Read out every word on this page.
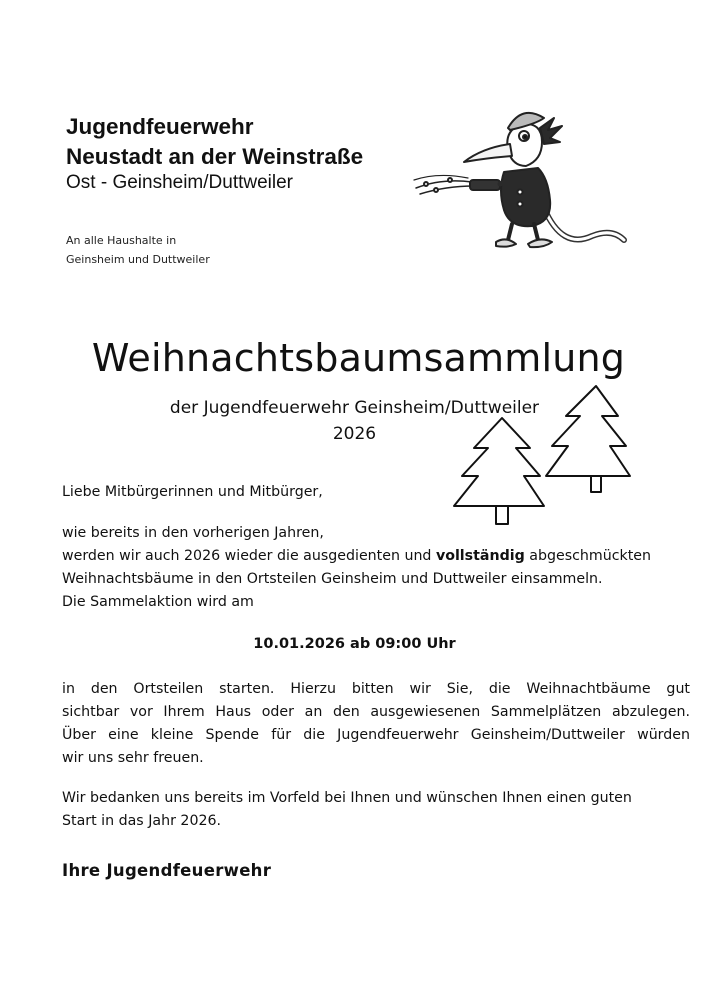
Jugendfeuerwehr
Neustadt an der Weinstraße
Ost - Geinsheim/Duttweiler
An alle Haushalte in
Geinsheim und Duttweiler
Weihnachtsbaumsammlung
der Jugendfeuerwehr Geinsheim/Duttweiler
2026
Liebe Mitbürgerinnen und Mitbürger,
wie bereits in den vorherigen Jahren,
werden wir auch 2026 wieder die ausgedienten und vollständig abgeschmückten
Weihnachtsbäume in den Ortsteilen Geinsheim und Duttweiler einsammeln.
Die Sammelaktion wird am
10.01.2026 ab 09:00 Uhr
in den Ortsteilen starten. Hierzu bitten wir Sie, die Weihnachtbäume gut
sichtbar vor Ihrem Haus oder an den ausgewiesenen Sammelplätzen abzulegen.
Über eine kleine Spende für die Jugendfeuerwehr Geinsheim/Duttweiler würden
wir uns sehr freuen.
Wir bedanken uns bereits im Vorfeld bei Ihnen und wünschen Ihnen einen guten
Start in das Jahr 2026.
Ihre Jugendfeuerwehr
